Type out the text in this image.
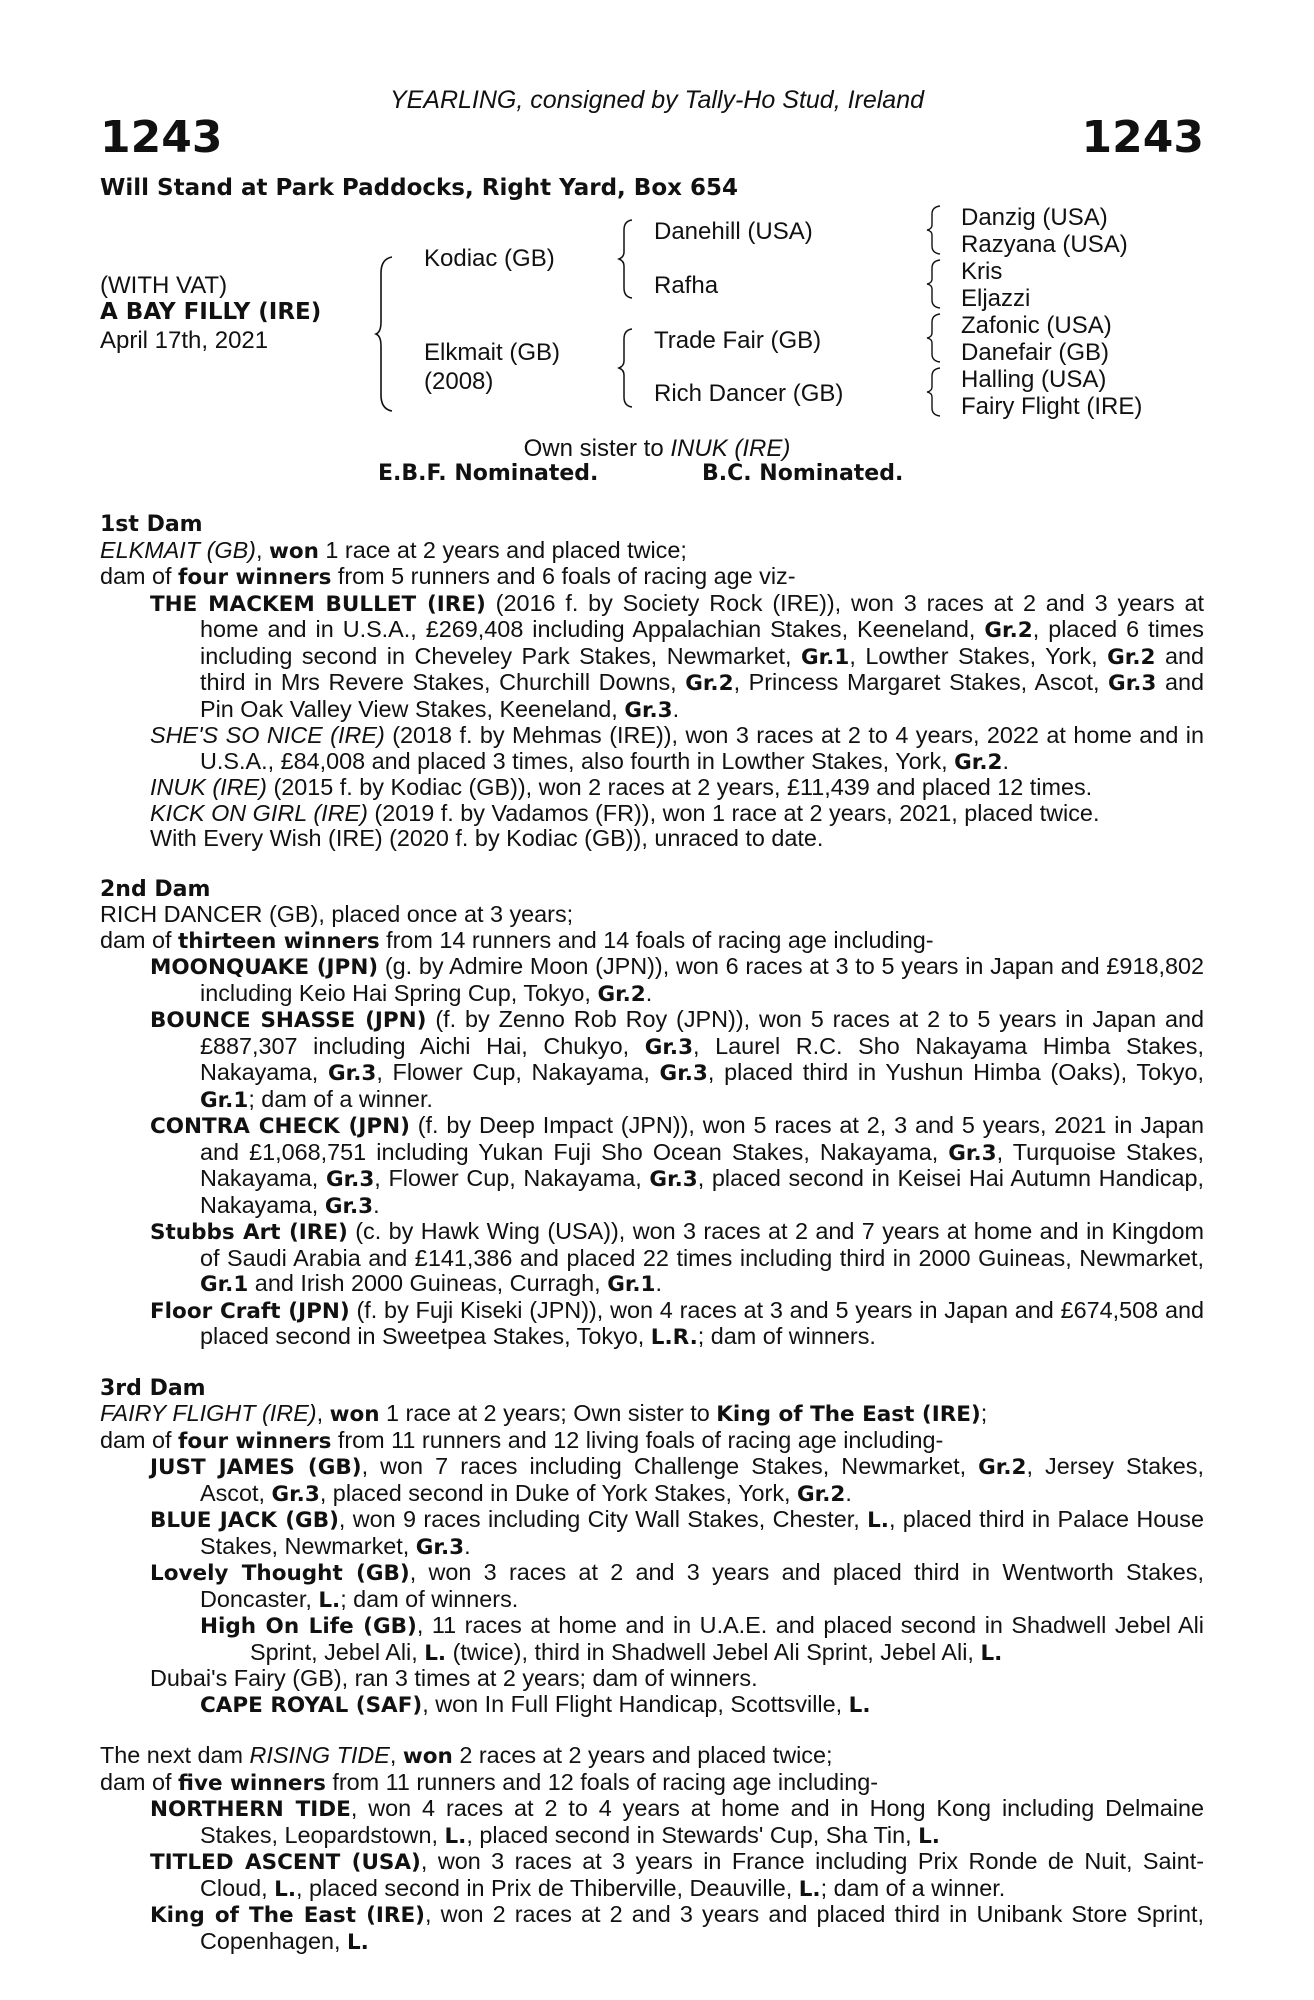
YEARLING, consigned by Tally-Ho Stud, Ireland
1243	1243
Will Stand at Park Paddocks, Right Yard, Box 654
(WITH VAT)
A BAY FILLY (IRE)
April 17th, 2021
Kodiac (GB)
Elkmait (GB)
(2008)
Danehill (USA)
Rafha
Trade Fair (GB)
Rich Dancer (GB)
Danzig (USA)
Razyana (USA)
Kris
Eljazzi
Zafonic (USA)
Danefair (GB)
Halling (USA)
Fairy Flight (IRE)
Own sister to INUK (IRE)
E.B.F. Nominated.	B.C. Nominated.

1st Dam

ELKMAIT (GB), won 1 race at 2 years and placed twice;

dam of four winners from 5 runners and 6 foals of racing age viz-

THE MACKEM BULLET (IRE) (2016 f. by Society Rock (IRE)), won 3 races at 2 and 3 years at home and in U.S.A., £269,408 including Appalachian Stakes, Keeneland, Gr.2, placed 6 times including second in Cheveley Park Stakes, Newmarket, Gr.1, Lowther Stakes, York, Gr.2 and third in Mrs Revere Stakes, Churchill Downs, Gr.2, Princess Margaret Stakes, Ascot, Gr.3 and Pin Oak Valley View Stakes, Keeneland, Gr.3.

SHE'S SO NICE (IRE) (2018 f. by Mehmas (IRE)), won 3 races at 2 to 4 years, 2022 at home and in U.S.A., £84,008 and placed 3 times, also fourth in Lowther Stakes, York, Gr.2.

INUK (IRE) (2015 f. by Kodiac (GB)), won 2 races at 2 years, £11,439 and placed 12 times.

KICK ON GIRL (IRE) (2019 f. by Vadamos (FR)), won 1 race at 2 years, 2021, placed twice.

With Every Wish (IRE) (2020 f. by Kodiac (GB)), unraced to date.

2nd Dam

RICH DANCER (GB), placed once at 3 years;

dam of thirteen winners from 14 runners and 14 foals of racing age including-

MOONQUAKE (JPN) (g. by Admire Moon (JPN)), won 6 races at 3 to 5 years in Japan and £918,802 including Keio Hai Spring Cup, Tokyo, Gr.2.

BOUNCE SHASSE (JPN) (f. by Zenno Rob Roy (JPN)), won 5 races at 2 to 5 years in Japan and £887,307 including Aichi Hai, Chukyo, Gr.3, Laurel R.C. Sho Nakayama Himba Stakes, Nakayama, Gr.3, Flower Cup, Nakayama, Gr.3, placed third in Yushun Himba (Oaks), Tokyo, Gr.1; dam of a winner.

CONTRA CHECK (JPN) (f. by Deep Impact (JPN)), won 5 races at 2, 3 and 5 years, 2021 in Japan and £1,068,751 including Yukan Fuji Sho Ocean Stakes, Nakayama, Gr.3, Turquoise Stakes, Nakayama, Gr.3, Flower Cup, Nakayama, Gr.3, placed second in Keisei Hai Autumn Handicap, Nakayama, Gr.3.

Stubbs Art (IRE) (c. by Hawk Wing (USA)), won 3 races at 2 and 7 years at home and in Kingdom of Saudi Arabia and £141,386 and placed 22 times including third in 2000 Guineas, Newmarket, Gr.1 and Irish 2000 Guineas, Curragh, Gr.1.

Floor Craft (JPN) (f. by Fuji Kiseki (JPN)), won 4 races at 3 and 5 years in Japan and £674,508 and placed second in Sweetpea Stakes, Tokyo, L.R.; dam of winners.

3rd Dam

FAIRY FLIGHT (IRE), won 1 race at 2 years; Own sister to King of The East (IRE);

dam of four winners from 11 runners and 12 living foals of racing age including-

JUST JAMES (GB), won 7 races including Challenge Stakes, Newmarket, Gr.2, Jersey Stakes, Ascot, Gr.3, placed second in Duke of York Stakes, York, Gr.2.

BLUE JACK (GB), won 9 races including City Wall Stakes, Chester, L., placed third in Palace House Stakes, Newmarket, Gr.3.

Lovely Thought (GB), won 3 races at 2 and 3 years and placed third in Wentworth Stakes, Doncaster, L.; dam of winners.

High On Life (GB), 11 races at home and in U.A.E. and placed second in Shadwell Jebel Ali Sprint, Jebel Ali, L. (twice), third in Shadwell Jebel Ali Sprint, Jebel Ali, L.

Dubai's Fairy (GB), ran 3 times at 2 years; dam of winners.

CAPE ROYAL (SAF), won In Full Flight Handicap, Scottsville, L.

The next dam RISING TIDE, won 2 races at 2 years and placed twice;

dam of five winners from 11 runners and 12 foals of racing age including-

NORTHERN TIDE, won 4 races at 2 to 4 years at home and in Hong Kong including Delmaine Stakes, Leopardstown, L., placed second in Stewards' Cup, Sha Tin, L.

TITLED ASCENT (USA), won 3 races at 3 years in France including Prix Ronde de Nuit, Saint-Cloud, L., placed second in Prix de Thiberville, Deauville, L.; dam of a winner.

King of The East (IRE), won 2 races at 2 and 3 years and placed third in Unibank Store Sprint, Copenhagen, L.
